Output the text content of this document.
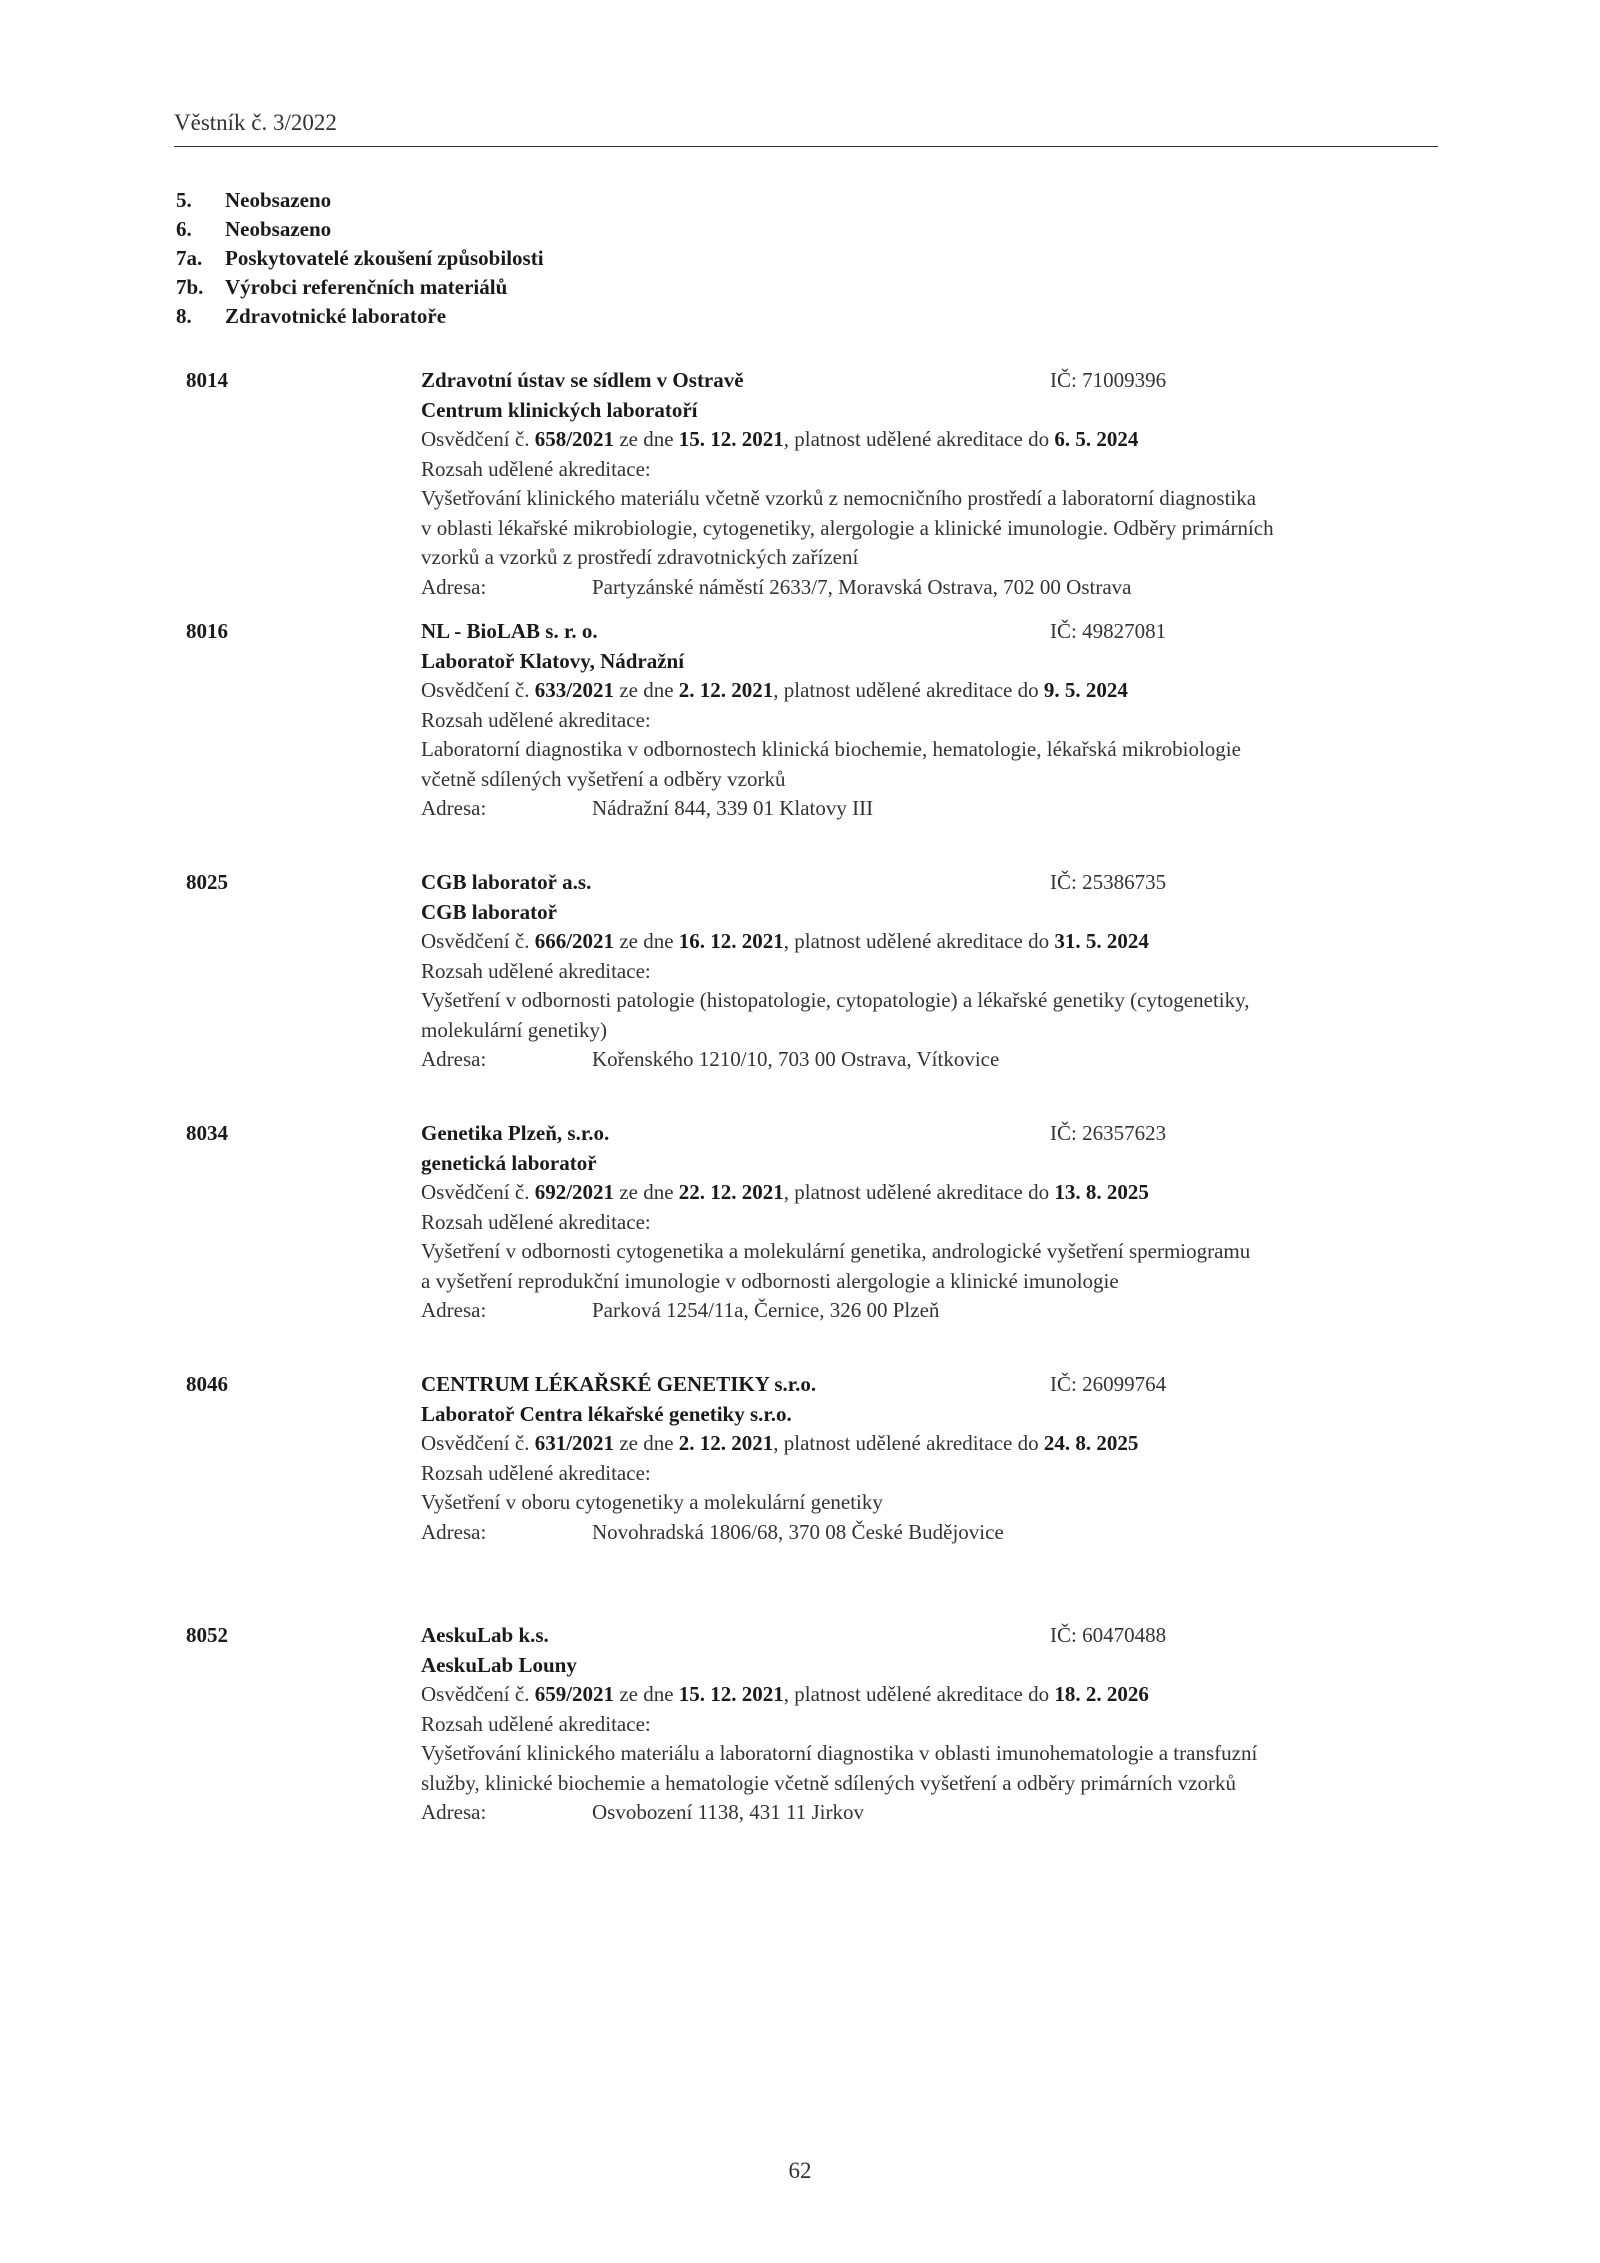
Věstník č. 3/2022
5.	Neobsazeno
6.	Neobsazeno
7a.	Poskytovatelé zkoušení způsobilosti
7b.	Výrobci referenčních materiálů
8.	Zdravotnické laboratoře
8014	Zdravotní ústav se sídlem v Ostravě	IČ: 71009396
Centrum klinických laboratoří
Osvědčení č. 658/2021 ze dne 15. 12. 2021, platnost udělené akreditace do 6. 5. 2024
Rozsah udělené akreditace:
Vyšetřování klinického materiálu včetně vzorků z nemocničního prostředí a laboratorní diagnostika
v oblasti lékařské mikrobiologie, cytogenetiky, alergologie a klinické imunologie. Odběry primárních
vzorků a vzorků z prostředí zdravotnických zařízení
Adresa:	Partyzánské náměstí 2633/7, Moravská Ostrava, 702 00 Ostrava
8016	NL - BioLAB s. r. o.	IČ: 49827081
Laboratoř Klatovy, Nádražní
Osvědčení č. 633/2021 ze dne 2. 12. 2021, platnost udělené akreditace do 9. 5. 2024
Rozsah udělené akreditace:
Laboratorní diagnostika v odbornostech klinická biochemie, hematologie, lékařská mikrobiologie
včetně sdílených vyšetření a odběry vzorků
Adresa:	Nádražní 844, 339 01 Klatovy III
8025	CGB laboratoř a.s.	IČ: 25386735
CGB laboratoř
Osvědčení č. 666/2021 ze dne 16. 12. 2021, platnost udělené akreditace do 31. 5. 2024
Rozsah udělené akreditace:
Vyšetření v odbornosti patologie (histopatologie, cytopatologie) a lékařské genetiky (cytogenetiky,
molekulární genetiky)
Adresa:	Kořenského 1210/10, 703 00 Ostrava, Vítkovice
8034	Genetika Plzeň, s.r.o.	IČ: 26357623
genetická laboratoř
Osvědčení č. 692/2021 ze dne 22. 12. 2021, platnost udělené akreditace do 13. 8. 2025
Rozsah udělené akreditace:
Vyšetření v odbornosti cytogenetika a molekulární genetika, andrologické vyšetření spermiogramu
a vyšetření reprodukční imunologie v odbornosti alergologie a klinické imunologie
Adresa:	Parková 1254/11a, Černice, 326 00 Plzeň
8046	CENTRUM LÉKAŘSKÉ GENETIKY s.r.o.	IČ: 26099764
Laboratoř Centra lékařské genetiky s.r.o.
Osvědčení č. 631/2021 ze dne 2. 12. 2021, platnost udělené akreditace do 24. 8. 2025
Rozsah udělené akreditace:
Vyšetření v oboru cytogenetiky a molekulární genetiky
Adresa:	Novohradská 1806/68, 370 08 České Budějovice
8052	AeskuLab k.s.	IČ: 60470488
AeskuLab Louny
Osvědčení č. 659/2021 ze dne 15. 12. 2021, platnost udělené akreditace do 18. 2. 2026
Rozsah udělené akreditace:
Vyšetřování klinického materiálu a laboratorní diagnostika v oblasti imunohematologie a transfuzní
služby, klinické biochemie a hematologie včetně sdílených vyšetření a odběry primárních vzorků
Adresa:	Osvobození 1138, 431 11 Jirkov
62
